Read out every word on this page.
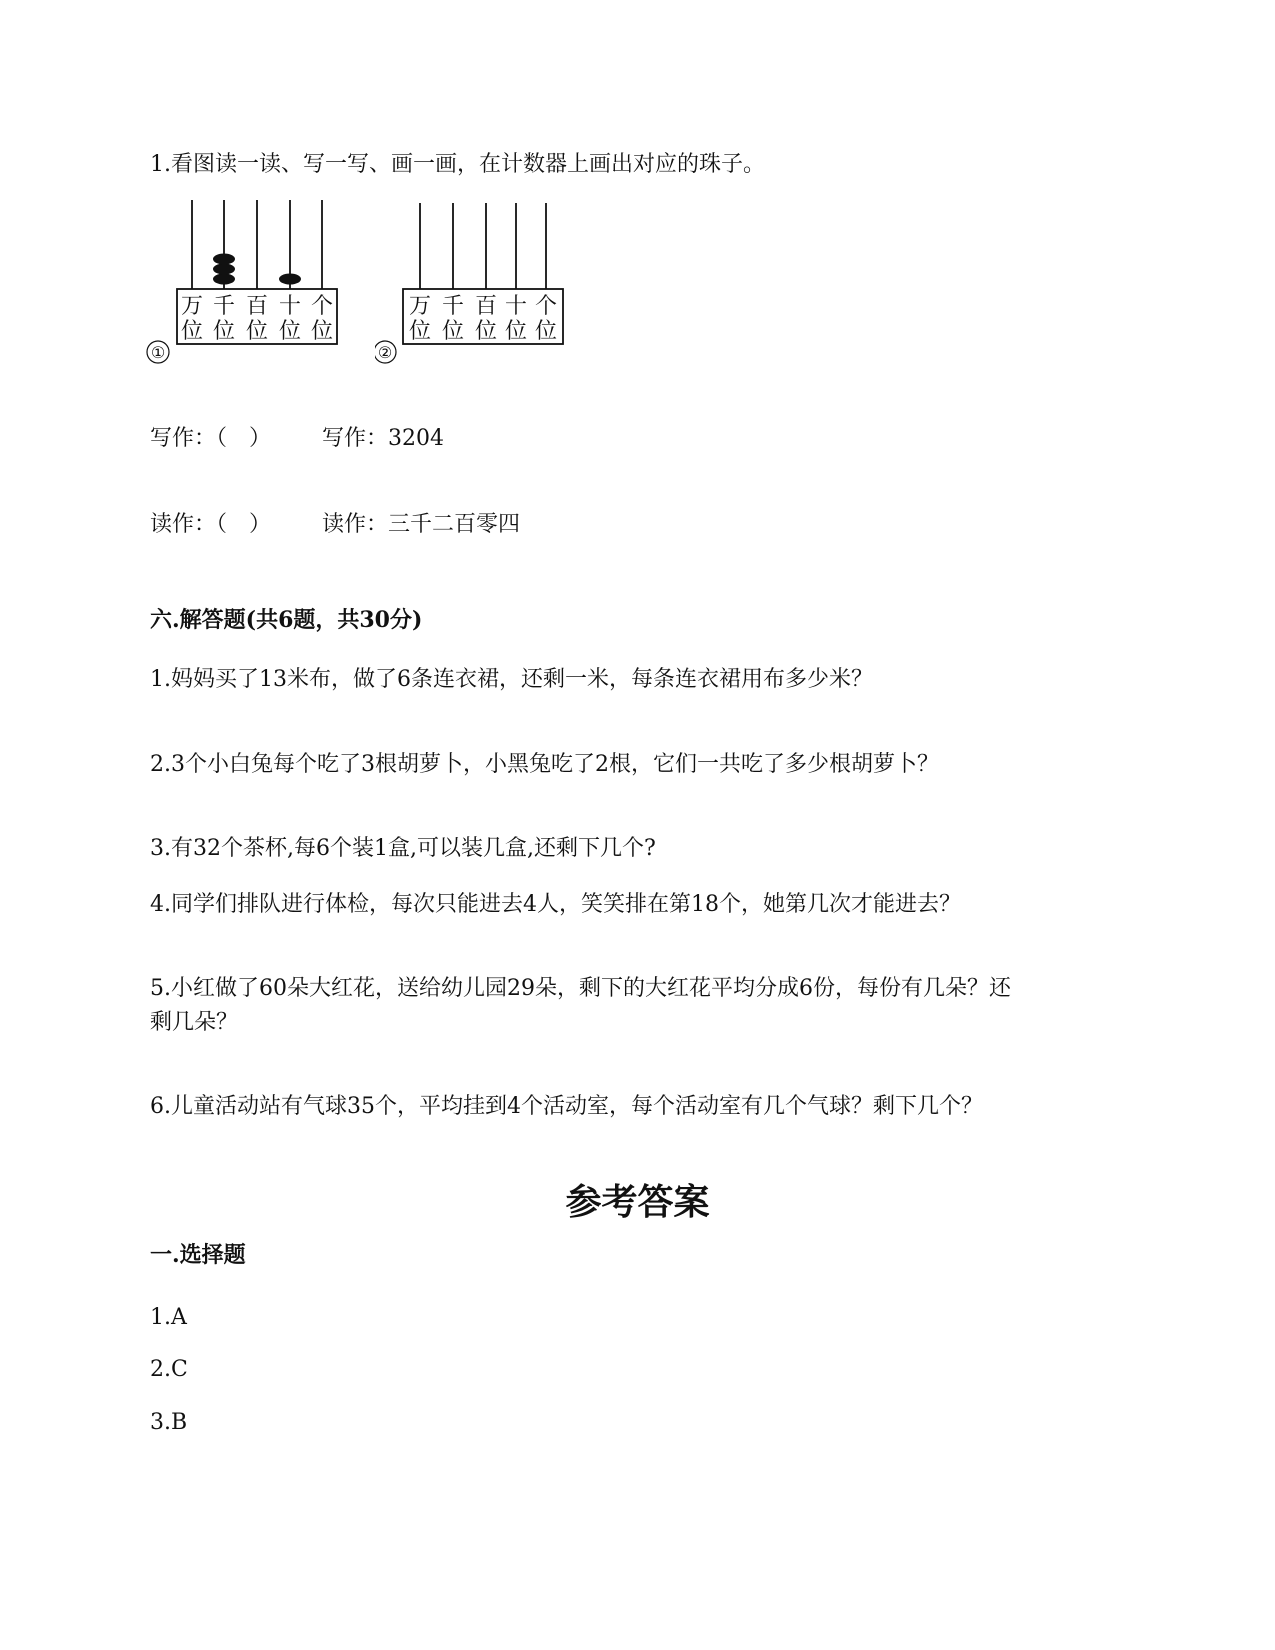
1.看图读一读、写一写、画一画，在计数器上画出对应的珠子。
万
位
千
位
百
位
十
位
个
位
①
万
位
千
位
百
位
十
位
个
位
②
写作：（　） 写作：3204
读作：（　） 读作：三千二百零四
六.解答题(共6题，共30分)
1.妈妈买了13米布，做了6条连衣裙，还剩一米，每条连衣裙用布多少米？
2.3个小白兔每个吃了3根胡萝卜，小黑兔吃了2根，它们一共吃了多少根胡萝卜？
3.有32个茶杯,每6个装1盒,可以装几盒,还剩下几个?
4.同学们排队进行体检，每次只能进去4人，笑笑排在第18个，她第几次才能进去？
5.小红做了60朵大红花，送给幼儿园29朵，剩下的大红花平均分成6份，每份有几朵？还
剩几朵？
6.儿童活动站有气球35个，平均挂到4个活动室，每个活动室有几个气球？剩下几个？
参考答案
一.选择题
1.A
2.C
3.B
